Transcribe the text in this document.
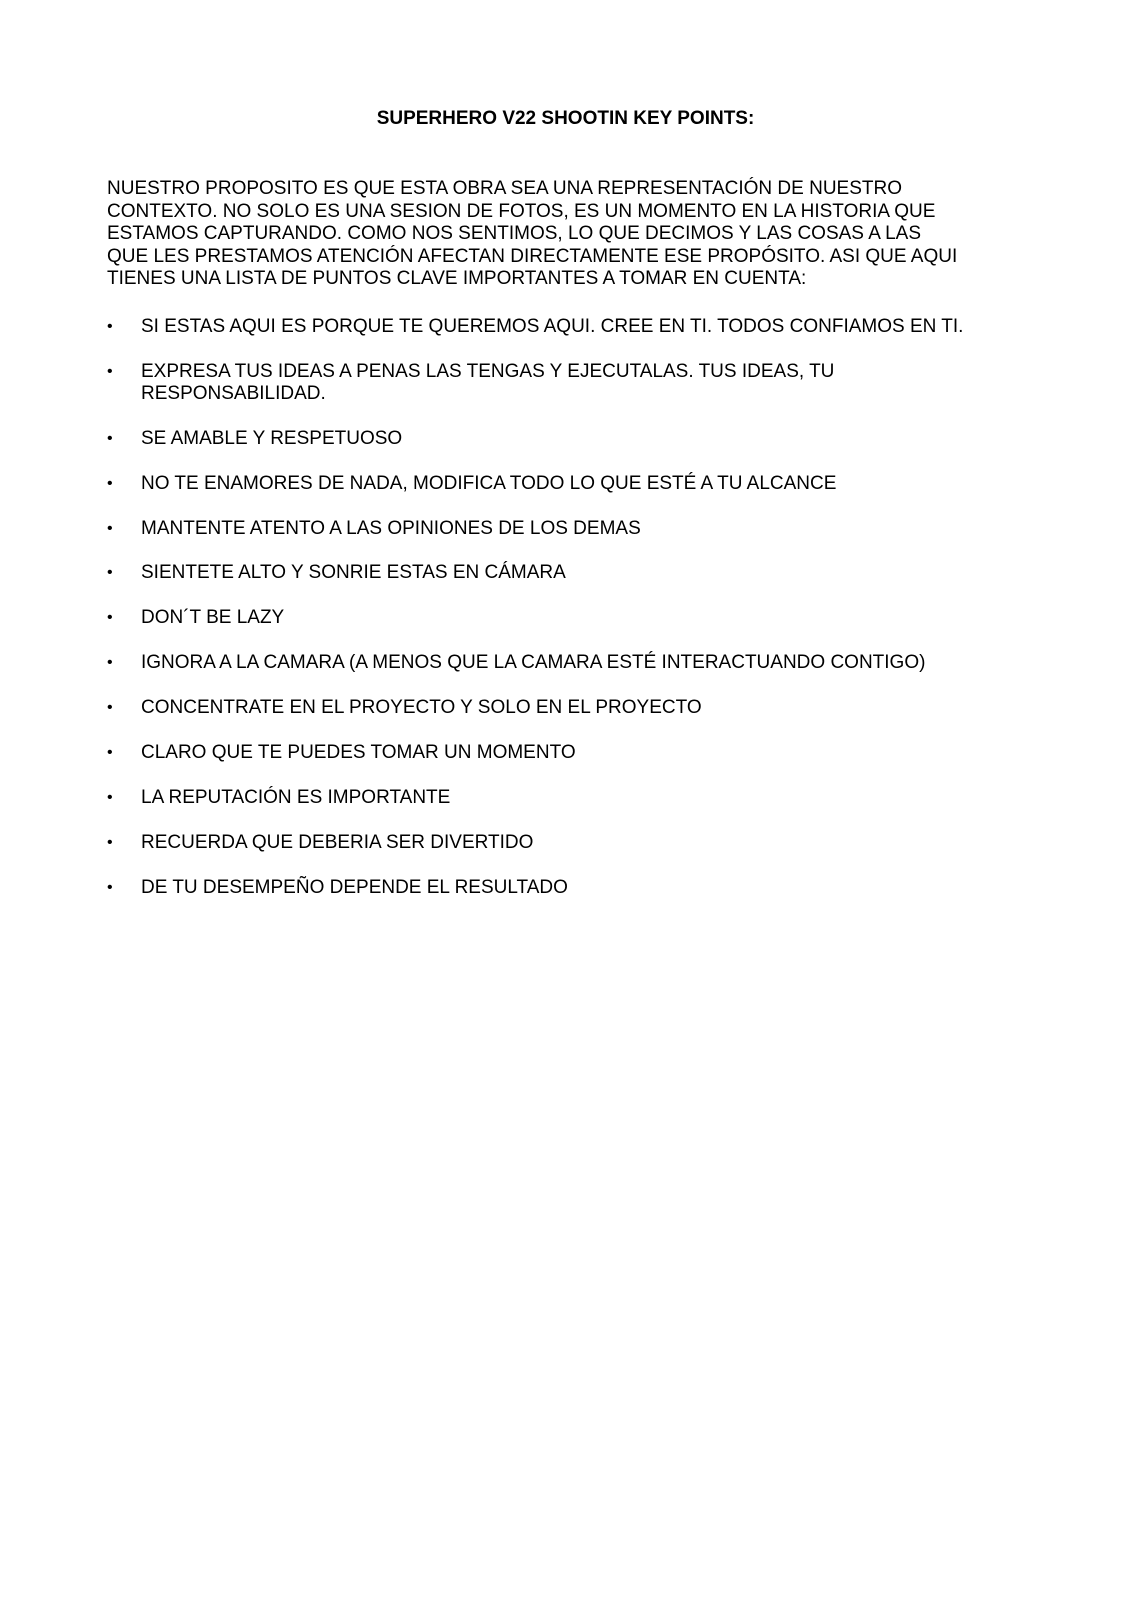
SUPERHERO V22 SHOOTIN KEY POINTS:

NUESTRO PROPOSITO ES QUE ESTA OBRA SEA UNA REPRESENTACIÓN DE NUESTRO
CONTEXTO. NO SOLO ES UNA SESION DE FOTOS, ES UN MOMENTO EN LA HISTORIA QUE
ESTAMOS CAPTURANDO. COMO NOS SENTIMOS, LO QUE DECIMOS Y LAS COSAS A LAS
QUE LES PRESTAMOS ATENCIÓN AFECTAN DIRECTAMENTE ESE PROPÓSITO. ASI QUE AQUI
TIENES UNA LISTA DE PUNTOS CLAVE IMPORTANTES A TOMAR EN CUENTA:

•	SI ESTAS AQUI ES PORQUE TE QUEREMOS AQUI. CREE EN TI. TODOS CONFIAMOS EN TI.
•	EXPRESA TUS IDEAS A PENAS LAS TENGAS Y EJECUTALAS. TUS IDEAS, TU
RESPONSABILIDAD.
•	SE AMABLE Y RESPETUOSO
•	NO TE ENAMORES DE NADA, MODIFICA TODO LO QUE ESTÉ A TU ALCANCE
•	MANTENTE ATENTO A LAS OPINIONES DE LOS DEMAS
•	SIENTETE ALTO Y SONRIE ESTAS EN CÁMARA
•	DON´T BE LAZY
•	IGNORA A LA CAMARA (A MENOS QUE LA CAMARA ESTÉ INTERACTUANDO CONTIGO)
•	CONCENTRATE EN EL PROYECTO Y SOLO EN EL PROYECTO
•	CLARO QUE TE PUEDES TOMAR UN MOMENTO
•	LA REPUTACIÓN ES IMPORTANTE
•	RECUERDA QUE DEBERIA SER DIVERTIDO
•	DE TU DESEMPEÑO DEPENDE EL RESULTADO
